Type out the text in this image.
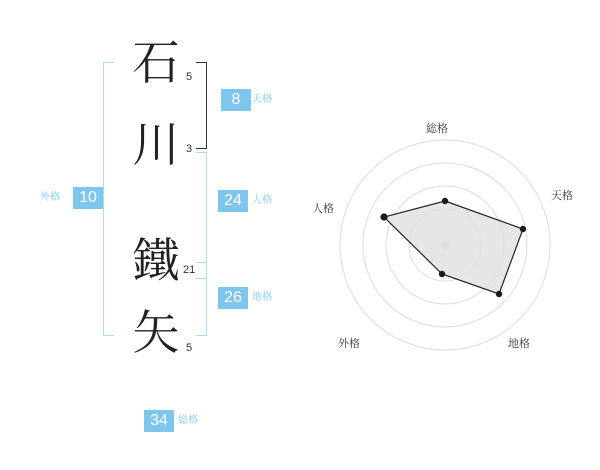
外格	10
石 5
川 3
鐵 21
矢 5
8	天格
24	人格
26	地格
34	総格
総格
天格
地格
外格
人格
